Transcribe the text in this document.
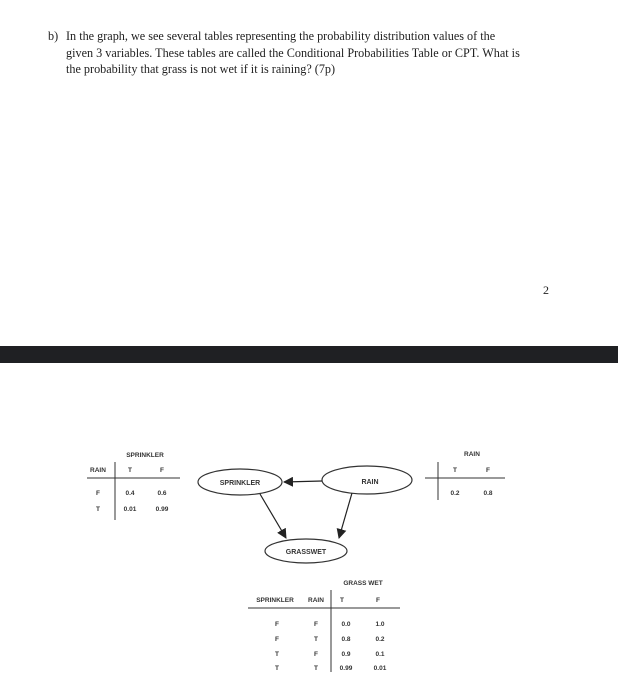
b) In the graph, we see several tables representing the probability distribution values of the
given 3 variables. These tables are called the Conditional Probabilities Table or CPT. What is
the probability that grass is not wet if it is raining? (7p)
2
SPRINKLER	RAIN
GRASSWET
SPRINKLER
RAIN	T	F
F	0.4	0.6
T	0.01	0.99
RAIN
T	F
0.2	0.8
GRASS WET
SPRINKLER RAIN T	F
F	F	0.0	1.0
F	T	0.8	0.2
T	F	0.9	0.1
T	T	0.99	0.01
